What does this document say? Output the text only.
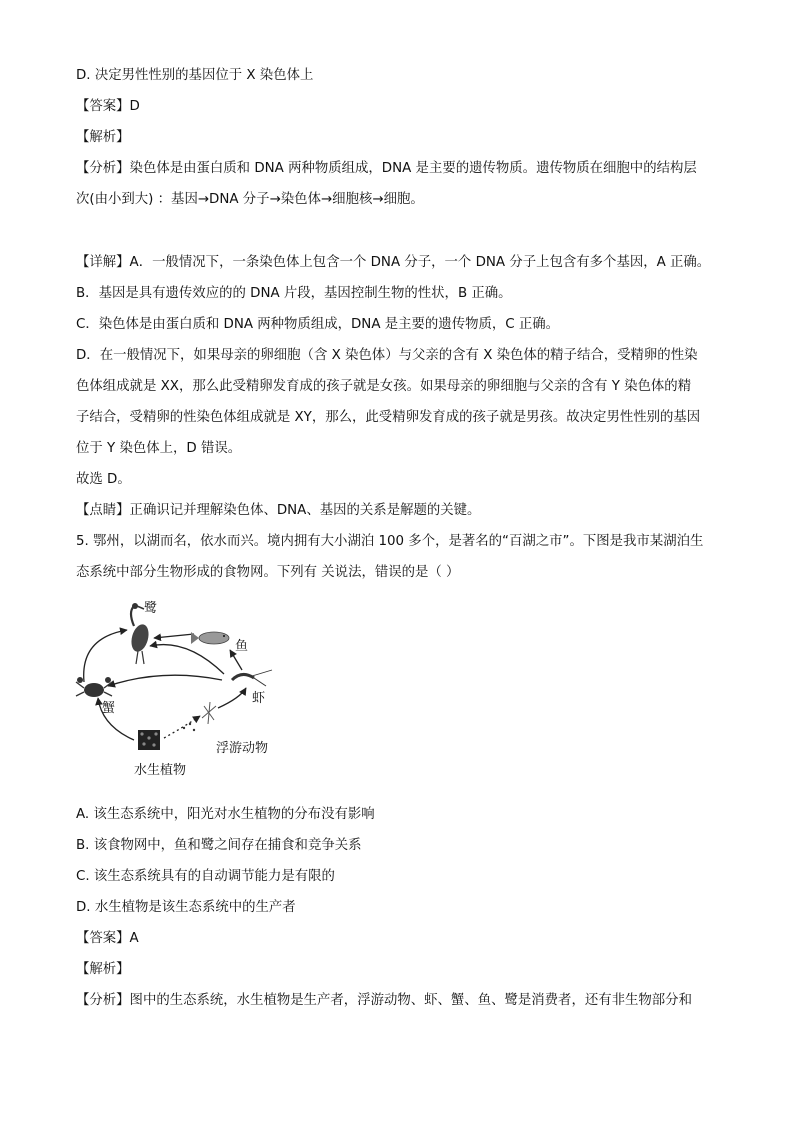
D. 决定男性性别的基因位于 X 染色体上
【答案】D
【解析】
【分析】染色体是由蛋白质和 DNA 两种物质组成，DNA 是主要的遗传物质。遗传物质在细胞中的结构层
次(由小到大) ：基因→DNA 分子→染色体→细胞核→细胞。
【详解】A．一般情况下，一条染色体上包含一个 DNA 分子，一个 DNA 分子上包含有多个基因，A 正确。
B．基因是具有遗传效应的的 DNA 片段，基因控制生物的性状，B 正确。
C．染色体是由蛋白质和 DNA 两种物质组成，DNA 是主要的遗传物质，C 正确。
D．在一般情况下，如果母亲的卵细胞（含 X 染色体）与父亲的含有 X 染色体的精子结合，受精卵的性染
色体组成就是 XX，那么此受精卵发育成的孩子就是女孩。如果母亲的卵细胞与父亲的含有 Y 染色体的精
子结合，受精卵的性染色体组成就是 XY，那么，此受精卵发育成的孩子就是男孩。故决定男性性别的基因
位于 Y 染色体上，D 错误。
故选 D。
【点睛】正确识记并理解染色体、DNA、基因的关系是解题的关键。
5. 鄂州，以湖而名，依水而兴。境内拥有大小湖泊 100 多个，是著名的“百湖之市”。下图是我市某湖泊生
态系统中部分生物形成的食物网。下列有 关说法，错误的是（ ）
鹭
鱼
虾
蟹
浮游动物
水生植物
A. 该生态系统中，阳光对水生植物的分布没有影响
B. 该食物网中，鱼和鹭之间存在捕食和竞争关系
C. 该生态系统具有的自动调节能力是有限的
D. 水生植物是该生态系统中的生产者
【答案】A
【解析】
【分析】图中的生态系统，水生植物是生产者，浮游动物、虾、蟹、鱼、鹭是消费者，还有非生物部分和
